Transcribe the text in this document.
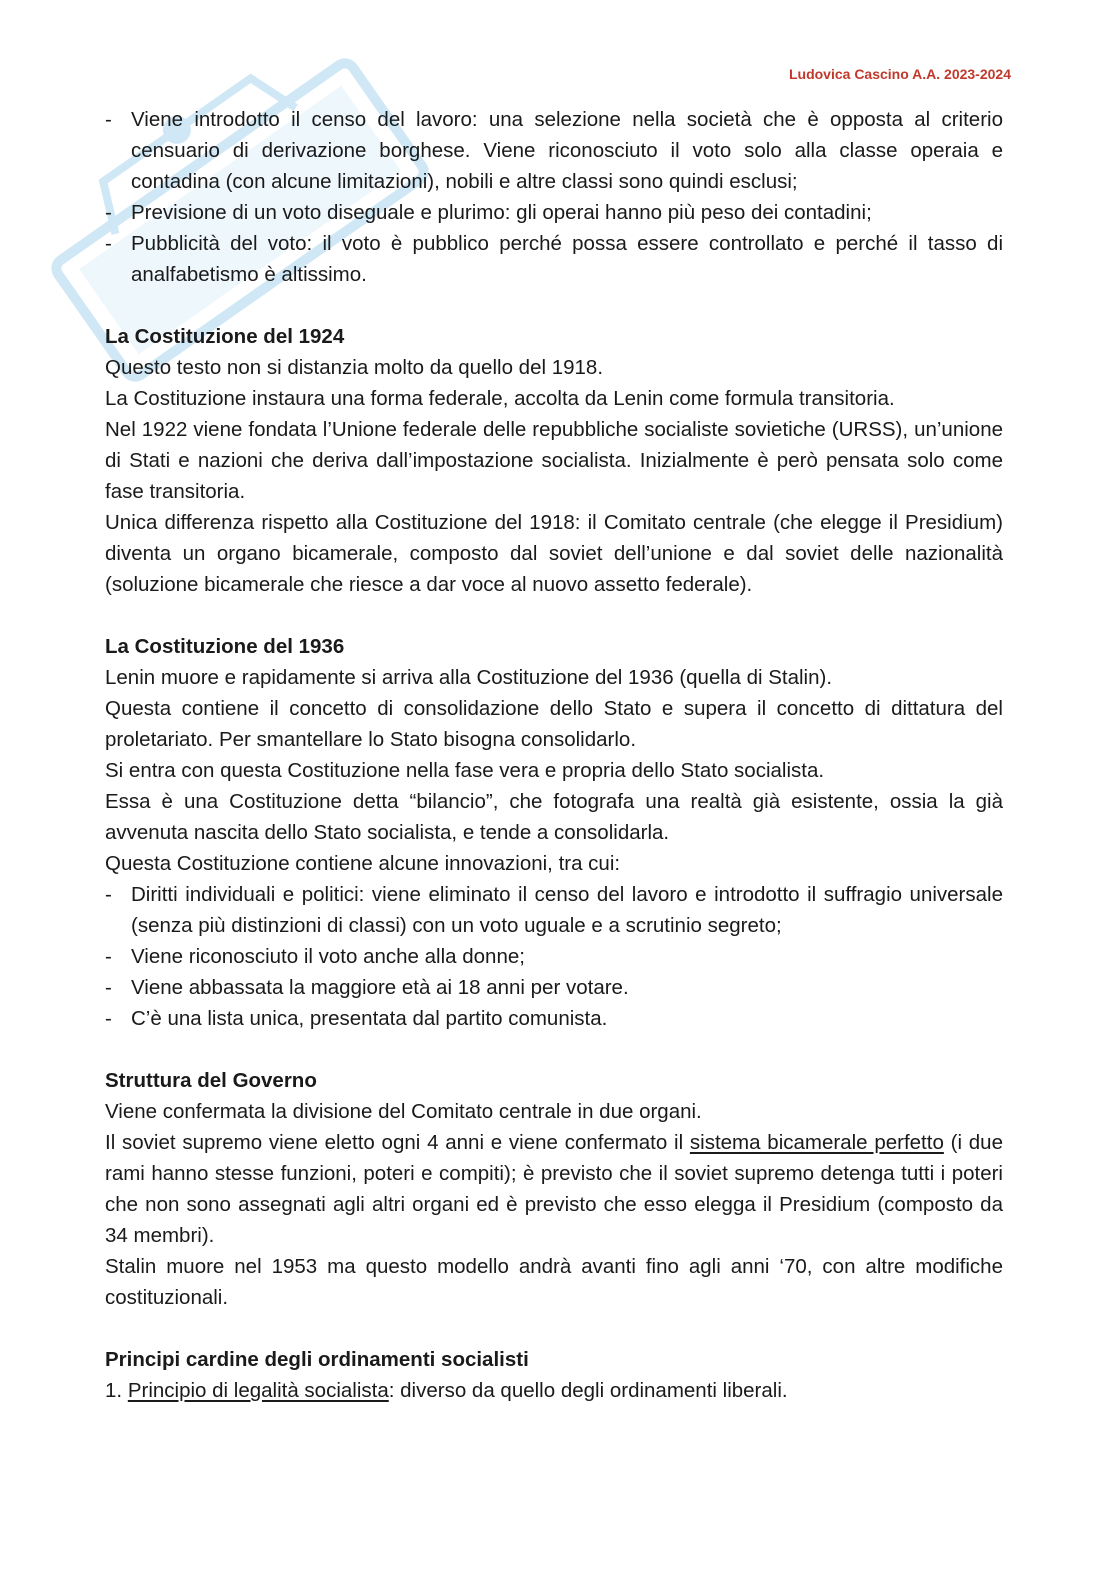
Ludovica Cascino A.A. 2023-2024
- Viene introdotto il censo del lavoro: una selezione nella società che è opposta al criterio censuario di derivazione borghese. Viene riconosciuto il voto solo alla classe operaia e contadina (con alcune limitazioni), nobili e altre classi sono quindi esclusi;
- Previsione di un voto diseguale e plurimo: gli operai hanno più peso dei contadini;
- Pubblicità del voto: il voto è pubblico perché possa essere controllato e perché il tasso di analfabetismo è altissimo.

La Costituzione del 1924

Questo testo non si distanzia molto da quello del 1918.

La Costituzione instaura una forma federale, accolta da Lenin come formula transitoria.

Nel 1922 viene fondata l’Unione federale delle repubbliche socialiste sovietiche (URSS), un’unione di Stati e nazioni che deriva dall’impostazione socialista. Inizialmente è però pensata solo come fase transitoria.

Unica differenza rispetto alla Costituzione del 1918: il Comitato centrale (che elegge il Presidium) diventa un organo bicamerale, composto dal soviet dell’unione e dal soviet delle nazionalità (soluzione bicamerale che riesce a dar voce al nuovo assetto federale).

La Costituzione del 1936

Lenin muore e rapidamente si arriva alla Costituzione del 1936 (quella di Stalin).

Questa contiene il concetto di consolidazione dello Stato e supera il concetto di dittatura del proletariato. Per smantellare lo Stato bisogna consolidarlo.

Si entra con questa Costituzione nella fase vera e propria dello Stato socialista.

Essa è una Costituzione detta “bilancio”, che fotografa una realtà già esistente, ossia la già avvenuta nascita dello Stato socialista, e tende a consolidarla.

Questa Costituzione contiene alcune innovazioni, tra cui:

- Diritti individuali e politici: viene eliminato il censo del lavoro e introdotto il suffragio universale (senza più distinzioni di classi) con un voto uguale e a scrutinio segreto;
- Viene riconosciuto il voto anche alla donne;
- Viene abbassata la maggiore età ai 18 anni per votare.
- C’è una lista unica, presentata dal partito comunista.

Struttura del Governo

Viene confermata la divisione del Comitato centrale in due organi.

Il soviet supremo viene eletto ogni 4 anni e viene confermato il sistema bicamerale perfetto (i due rami hanno stesse funzioni, poteri e compiti); è previsto che il soviet supremo detenga tutti i poteri che non sono assegnati agli altri organi ed è previsto che esso elegga il Presidium (composto da 34 membri).

Stalin muore nel 1953 ma questo modello andrà avanti fino agli anni ‘70, con altre modifiche costituzionali.

Principi cardine degli ordinamenti socialisti

1. Principio di legalità socialista: diverso da quello degli ordinamenti liberali.
